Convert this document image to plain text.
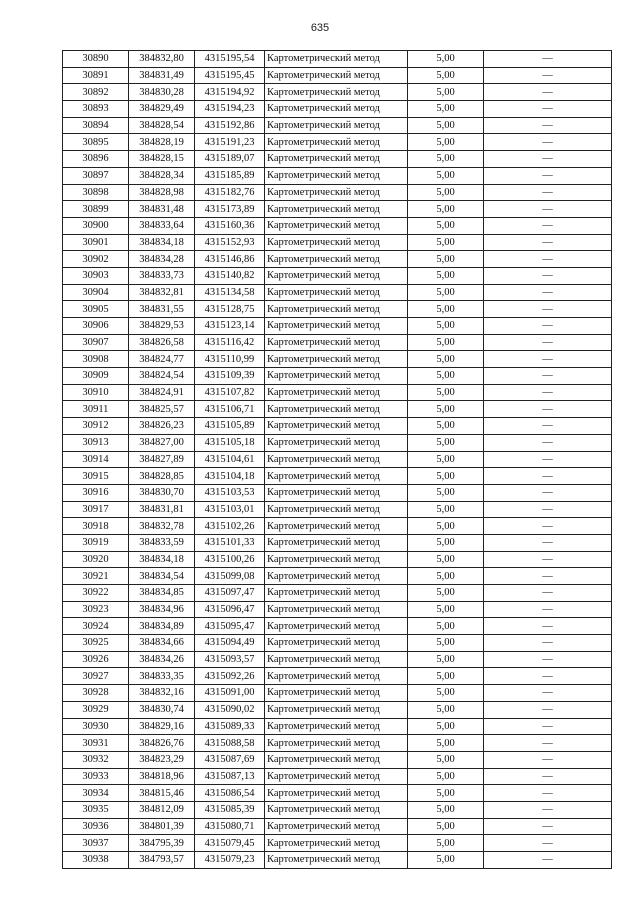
635
30890	384832,80	4315195,54	Картометрический метод	5,00	—
30891	384831,49	4315195,45	Картометрический метод	5,00	—
30892	384830,28	4315194,92	Картометрический метод	5,00	—
30893	384829,49	4315194,23	Картометрический метод	5,00	—
30894	384828,54	4315192,86	Картометрический метод	5,00	—
30895	384828,19	4315191,23	Картометрический метод	5,00	—
30896	384828,15	4315189,07	Картометрический метод	5,00	—
30897	384828,34	4315185,89	Картометрический метод	5,00	—
30898	384828,98	4315182,76	Картометрический метод	5,00	—
30899	384831,48	4315173,89	Картометрический метод	5,00	—
30900	384833,64	4315160,36	Картометрический метод	5,00	—
30901	384834,18	4315152,93	Картометрический метод	5,00	—
30902	384834,28	4315146,86	Картометрический метод	5,00	—
30903	384833,73	4315140,82	Картометрический метод	5,00	—
30904	384832,81	4315134,58	Картометрический метод	5,00	—
30905	384831,55	4315128,75	Картометрический метод	5,00	—
30906	384829,53	4315123,14	Картометрический метод	5,00	—
30907	384826,58	4315116,42	Картометрический метод	5,00	—
30908	384824,77	4315110,99	Картометрический метод	5,00	—
30909	384824,54	4315109,39	Картометрический метод	5,00	—
30910	384824,91	4315107,82	Картометрический метод	5,00	—
30911	384825,57	4315106,71	Картометрический метод	5,00	—
30912	384826,23	4315105,89	Картометрический метод	5,00	—
30913	384827,00	4315105,18	Картометрический метод	5,00	—
30914	384827,89	4315104,61	Картометрический метод	5,00	—
30915	384828,85	4315104,18	Картометрический метод	5,00	—
30916	384830,70	4315103,53	Картометрический метод	5,00	—
30917	384831,81	4315103,01	Картометрический метод	5,00	—
30918	384832,78	4315102,26	Картометрический метод	5,00	—
30919	384833,59	4315101,33	Картометрический метод	5,00	—
30920	384834,18	4315100,26	Картометрический метод	5,00	—
30921	384834,54	4315099,08	Картометрический метод	5,00	—
30922	384834,85	4315097,47	Картометрический метод	5,00	—
30923	384834,96	4315096,47	Картометрический метод	5,00	—
30924	384834,89	4315095,47	Картометрический метод	5,00	—
30925	384834,66	4315094,49	Картометрический метод	5,00	—
30926	384834,26	4315093,57	Картометрический метод	5,00	—
30927	384833,35	4315092,26	Картометрический метод	5,00	—
30928	384832,16	4315091,00	Картометрический метод	5,00	—
30929	384830,74	4315090,02	Картометрический метод	5,00	—
30930	384829,16	4315089,33	Картометрический метод	5,00	—
30931	384826,76	4315088,58	Картометрический метод	5,00	—
30932	384823,29	4315087,69	Картометрический метод	5,00	—
30933	384818,96	4315087,13	Картометрический метод	5,00	—
30934	384815,46	4315086,54	Картометрический метод	5,00	—
30935	384812,09	4315085,39	Картометрический метод	5,00	—
30936	384801,39	4315080,71	Картометрический метод	5,00	—
30937	384795,39	4315079,45	Картометрический метод	5,00	—
30938	384793,57	4315079,23	Картометрический метод	5,00	—
